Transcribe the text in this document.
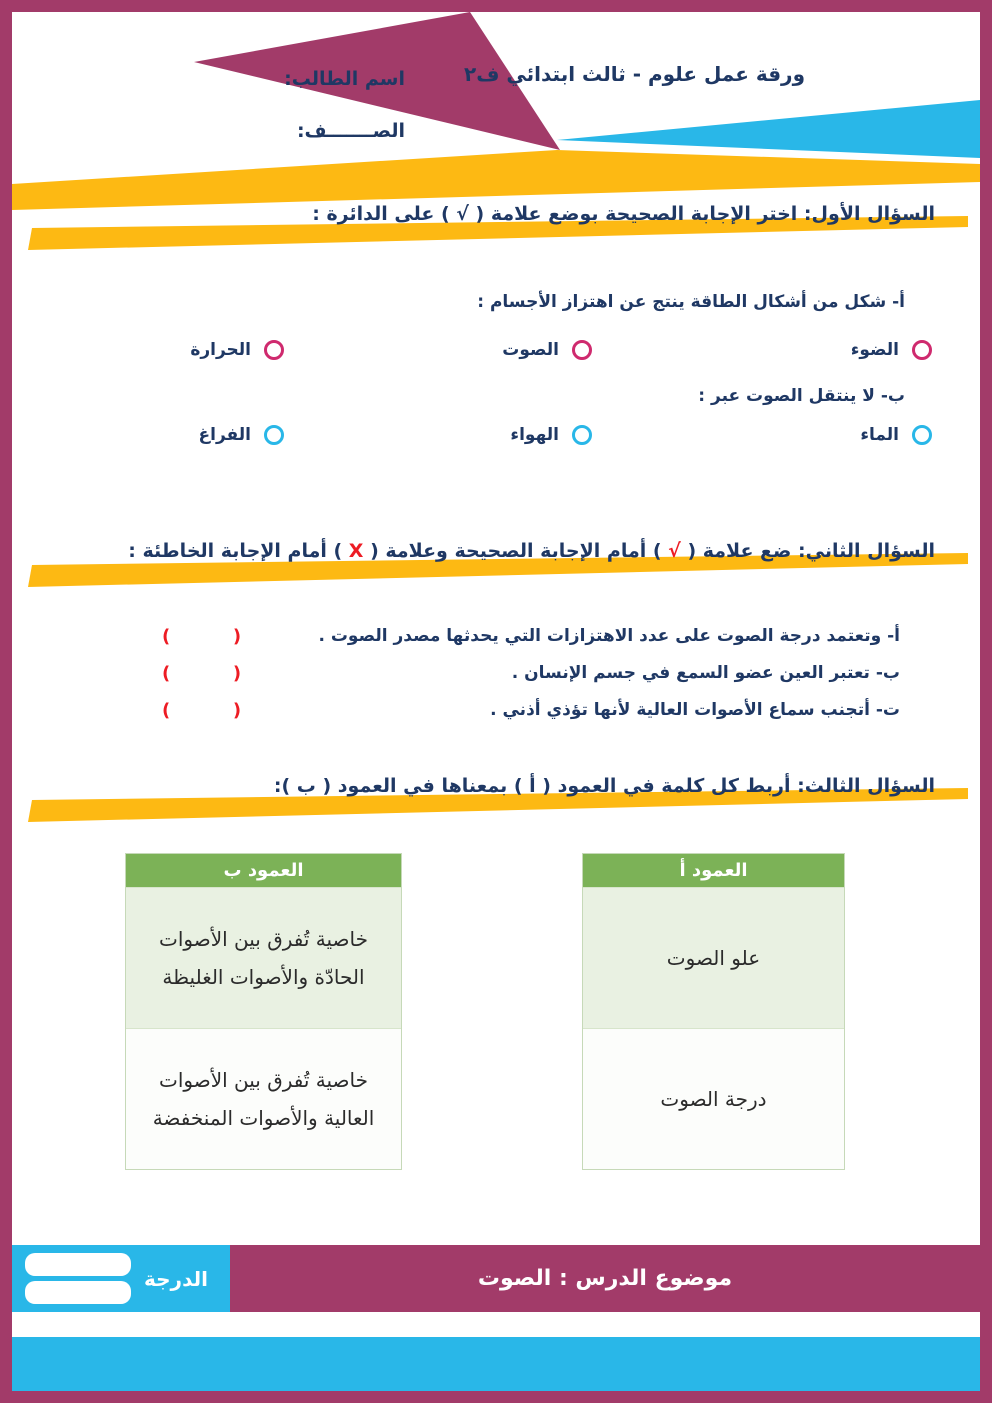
ورقة عمل علوم - ثالث ابتدائي ف٢
اسم الطالب:
الصـــــــف:
السؤال الأول: اختر الإجابة الصحيحة بوضع علامة ( √ ) على الدائرة :
أ- شكل من أشكال الطاقة ينتج عن اهتزاز الأجسام :
الضوء
الصوت
الحرارة
ب- لا ينتقل الصوت عبر :
الماء
الهواء
الفراغ
السؤال الثاني: ضع علامة ( √ ) أمام الإجابة الصحيحة وعلامة ( X ) أمام الإجابة الخاطئة :
أ- وتعتمد درجة الصوت على عدد الاهتزازات التي يحدثها مصدر الصوت .
(          )
ب- تعتبر العين عضو السمع في جسم الإنسان .
(          )
ت- أتجنب سماع الأصوات العالية لأنها تؤذي أذني .
(          )
السؤال الثالث: أربط كل كلمة في العمود ( أ ) بمعناها في العمود ( ب ):
العمود أ
علو الصوت
درجة الصوت
العمود ب
خاصية تُفرق بين الأصوات الحادّة والأصوات الغليظة
خاصية تُفرق بين الأصوات العالية والأصوات المنخفضة
الدرجة	موضوع الدرس : الصوت
